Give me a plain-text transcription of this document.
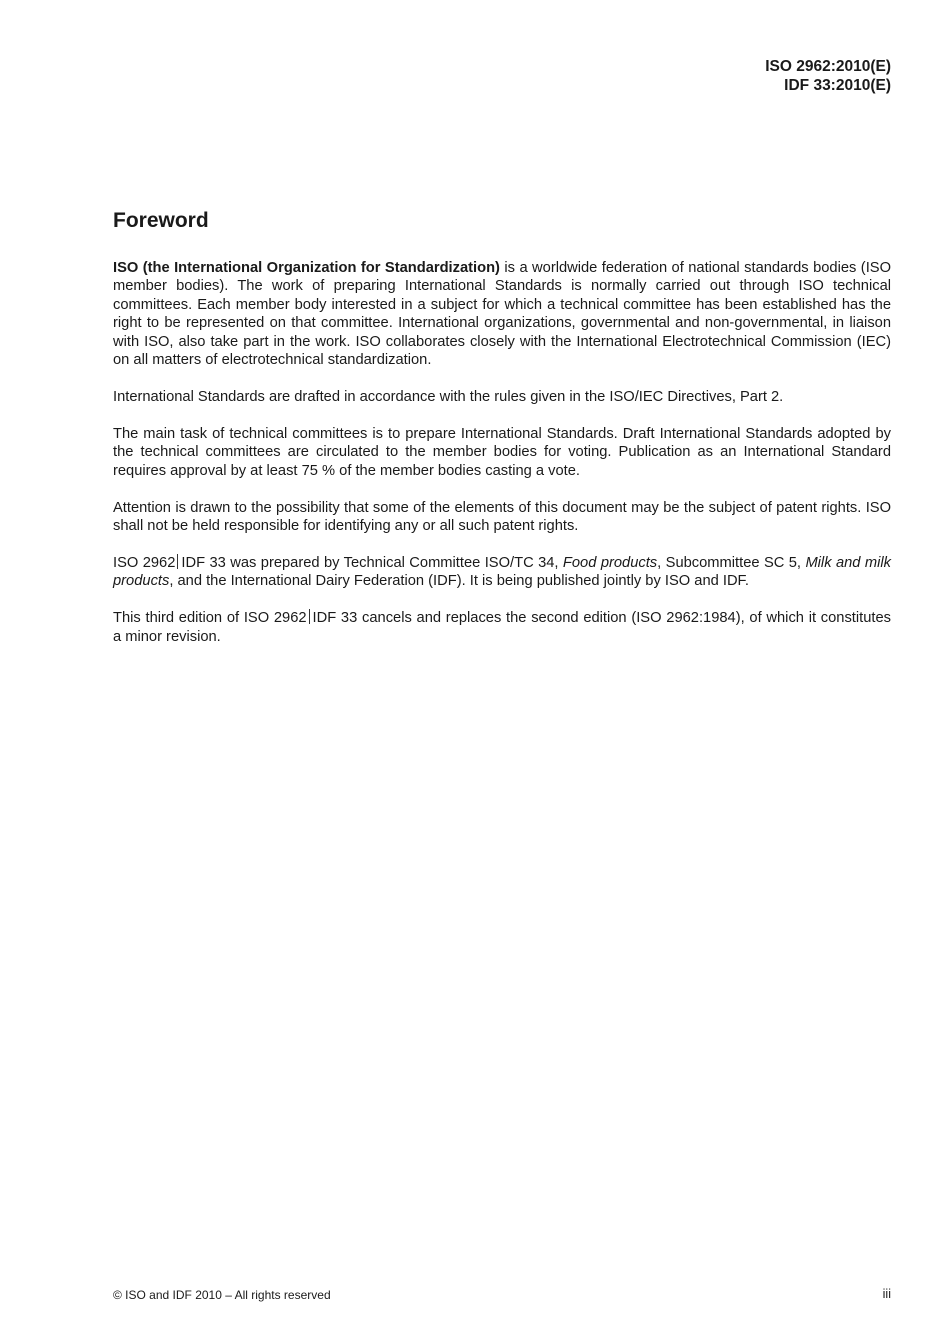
ISO 2962:2010(E)
IDF 33:2010(E)
Foreword

ISO (the International Organization for Standardization) is a worldwide federation of national standards bodies (ISO member bodies). The work of preparing International Standards is normally carried out through ISO technical committees. Each member body interested in a subject for which a technical committee has been established has the right to be represented on that committee. International organizations, governmental and non-governmental, in liaison with ISO, also take part in the work. ISO collaborates closely with the International Electrotechnical Commission (IEC) on all matters of electrotechnical standardization.

International Standards are drafted in accordance with the rules given in the ISO/IEC Directives, Part 2.

The main task of technical committees is to prepare International Standards. Draft International Standards adopted by the technical committees are circulated to the member bodies for voting. Publication as an International Standard requires approval by at least 75 % of the member bodies casting a vote.

Attention is drawn to the possibility that some of the elements of this document may be the subject of patent rights. ISO shall not be held responsible for identifying any or all such patent rights.

ISO 2962 IDF 33 was prepared by Technical Committee ISO/TC 34, Food products, Subcommittee SC 5, Milk and milk products, and the International Dairy Federation (IDF). It is being published jointly by ISO and IDF.

This third edition of ISO 2962 IDF 33 cancels and replaces the second edition (ISO 2962:1984), of which it constitutes a minor revision.

© ISO and IDF 2010 – All rights reserved	iii
